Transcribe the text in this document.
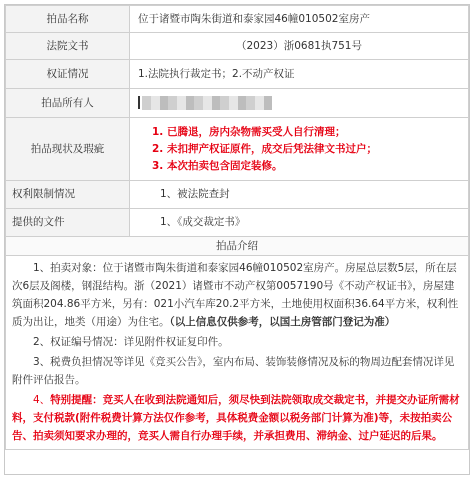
拍品名称	位于诸暨市陶朱街道和泰家园46幢010502室房产
法院文书	（2023）浙0681执751号
权证情况	1.法院执行裁定书；2.不动产权证
拍品所有人	
拍品现状及瑕疵	1. 已腾退，房内杂物需买受人自行清理；
2. 未扣押产权证原件，成交后凭法律文书过户；
3. 本次拍卖包含固定装修。

权利限制情况	1、被法院查封
提供的文件	1、《成交裁定书》
拍品介绍	

1、拍卖对象：位于诸暨市陶朱街道和泰家园46幢010502室房产。房屋总层数5层，所在层次6层及阁楼，钢混结构。浙（2021）诸暨市不动产权第0057190号《不动产权证书》，房屋建筑面积204.86平方米，另有：021小汽车库20.2平方米，土地使用权面积36.64平方米，权利性质为出让，地类（用途）为住宅。（以上信息仅供参考，以国土房管部门登记为准）

2、权证编号情况：详见附件权证复印件。

3、税费负担情况等详见《竞买公告》，室内布局、装饰装修情况及标的物周边配套情况详见附件评估报告。

4、特别提醒：竞买人在收到法院通知后，须尽快到法院领取成交裁定书，并提交办证所需材料，支付税款(附件税费计算方法仅作参考，具体税费金额以税务部门计算为准)等，未按拍卖公告、拍卖须知要求办理的，竞买人需自行办理手续，并承担费用、滞纳金、过户延迟的后果。	
